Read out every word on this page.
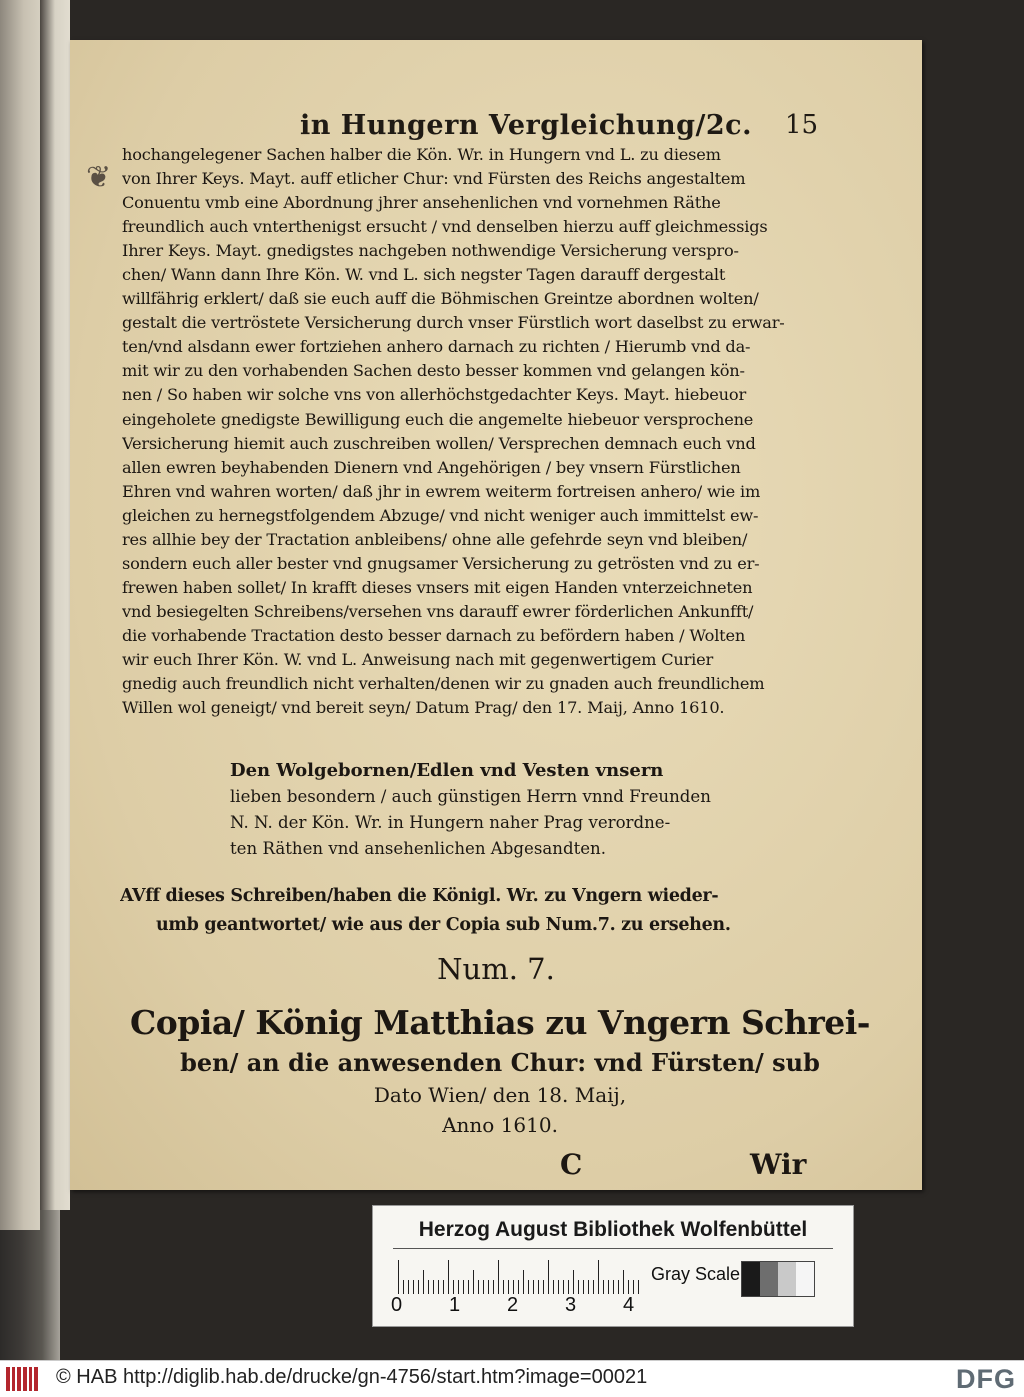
in Hungern Vergleichung/2c. 15
hochangelegener Sachen halber die Kön. Wr. in Hungern vnd L. zu diesem
von Ihrer Keys. Mayt. auff etlicher Chur: vnd Fürsten des Reichs angestaltem
Conuentu vmb eine Abordnung jhrer ansehenlichen vnd vornehmen Räthe
freundlich auch vnterthenigst ersucht / vnd denselben hierzu auff gleichmessigs
Ihrer Keys. Mayt. gnedigstes nachgeben nothwendige Versicherung verspro-
chen/ Wann dann Ihre Kön. W. vnd L. sich negster Tagen darauff dergestalt
willfährig erklert/ daß sie euch auff die Böhmischen Greintze abordnen wolten/
gestalt die vertröstete Versicherung durch vnser Fürstlich wort daselbst zu erwar-
ten/vnd alsdann ewer fortziehen anhero darnach zu richten / Hierumb vnd da-
mit wir zu den vorhabenden Sachen desto besser kommen vnd gelangen kön-
nen / So haben wir solche vns von allerhöchstgedachter Keys. Mayt. hiebeuor
eingeholete gnedigste Bewilligung euch die angemelte hiebeuor versprochene
Versicherung hiemit auch zuschreiben wollen/ Versprechen demnach euch vnd
allen ewren beyhabenden Dienern vnd Angehörigen / bey vnsern Fürstlichen
Ehren vnd wahren worten/ daß jhr in ewrem weiterm fortreisen anhero/ wie im
gleichen zu hernegstfolgendem Abzuge/ vnd nicht weniger auch immittelst ew-
res allhie bey der Tractation anbleibens/ ohne alle gefehrde seyn vnd bleiben/
sondern euch aller bester vnd gnugsamer Versicherung zu getrösten vnd zu er-
frewen haben sollet/ In krafft dieses vnsers mit eigen Handen vnterzeichneten
vnd besiegelten Schreibens/versehen vns darauff ewrer förderlichen Ankunfft/
die vorhabende Tractation desto besser darnach zu befördern haben / Wolten
wir euch Ihrer Kön. W. vnd L. Anweisung nach mit gegenwertigem Curier
gnedig auch freundlich nicht verhalten/denen wir zu gnaden auch freundlichem
Willen wol geneigt/ vnd bereit seyn/ Datum Prag/ den 17. Maij, Anno 1610.
Den Wolgebornen/Edlen vnd Vesten vnsern
lieben besondern / auch günstigen Herrn vnnd Freunden
N. N. der Kön. Wr. in Hungern naher Prag verordne-
ten Räthen vnd ansehenlichen Abgesandten.
AVff dieses Schreiben/haben die Königl. Wr. zu Vngern wieder-
umb geantwortet/ wie aus der Copia sub Num.7. zu ersehen.
Num. 7.
Copia/ König Matthias zu Vngern Schrei-
ben/ an die anwesenden Chur: vnd Fürsten/ sub
Dato Wien/ den 18. Maij,
Anno 1610.
C	Wir
❦
Herzog August Bibliothek Wolfenbüttel
0 1 2 3 4
Gray Scale
© HAB http://diglib.hab.de/drucke/gn-4756/start.htm?image=00021	DFG
